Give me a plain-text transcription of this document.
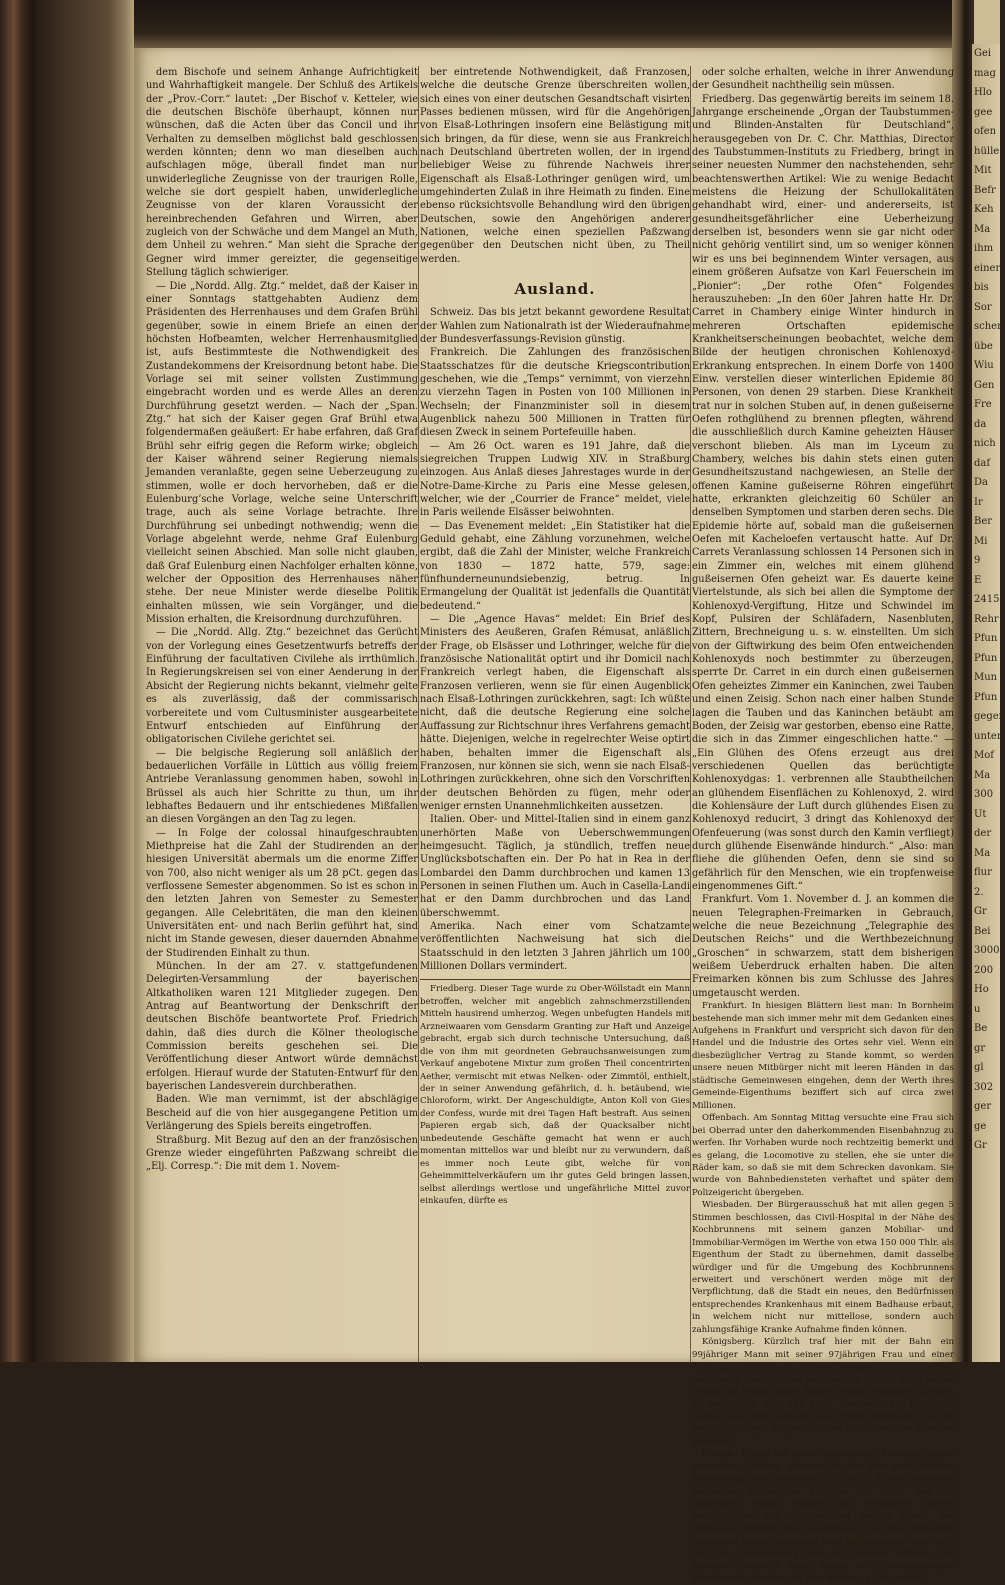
Gei
mag
Hlo
gee
ofen
hülle
Mit
Befr
Keh
Ma
ihm
einer
bis
Sor
schen
übe
Wiu
Gen
Fre
da
nich
daf
Da
Ir
Ber
Mi
9
E
2415
Rehr
Pfun
Pfun
Mun
Pfun
gegen
unter
Mof
Ma
300
Ut
der
Ma
flur
2.
Gr
Bei
3000
200
Ho
u
Be
gr
gl
302
ger
ge
Gr

dem Bischofe und seinem Anhange Aufrichtigkeit und Wahrhaftigkeit mangele. Der Schluß des Artikels der „Prov.-Corr.“ lautet: „Der Bischof v. Ketteler, wie die deutschen Bischöfe überhaupt, können nur wünschen, daß die Acten über das Concil und ihr Verhalten zu demselben möglichst bald geschlossen werden könnten; denn wo man dieselben auch aufschlagen möge, überall findet man nur unwiderlegliche Zeugnisse von der traurigen Rolle, welche sie dort gespielt haben, unwiderlegliche Zeugnisse von der klaren Voraussicht der hereinbrechenden Gefahren und Wirren, aber zugleich von der Schwäche und dem Mangel an Muth, dem Unheil zu wehren.“ Man sieht die Sprache der Gegner wird immer gereizter, die gegenseitige Stellung täglich schwieriger.

— Die „Nordd. Allg. Ztg.“ meldet, daß der Kaiser in einer Sonntags stattgehabten Audienz dem Präsidenten des Herrenhauses und dem Grafen Brühl gegenüber, sowie in einem Briefe an einen der höchsten Hofbeamten, welcher Herrenhausmitglied ist, aufs Bestimmteste die Nothwendigkeit des Zustandekommens der Kreisordnung betont habe. Die Vorlage sei mit seiner vollsten Zustimmung eingebracht worden und es werde Alles an deren Durchführung gesetzt werden. — Nach der „Span. Ztg.“ hat sich der Kaiser gegen Graf Brühl etwa folgendermaßen geäußert: Er habe erfahren, daß Graf Brühl sehr eifrig gegen die Reform wirke; obgleich der Kaiser während seiner Regierung niemals Jemanden veranlaßte, gegen seine Ueberzeugung zu stimmen, wolle er doch hervorheben, daß er die Eulenburg’sche Vorlage, welche seine Unterschrift trage, auch als seine Vorlage betrachte. Ihre Durchführung sei unbedingt nothwendig; wenn die Vorlage abgelehnt werde, nehme Graf Eulenburg vielleicht seinen Abschied. Man solle nicht glauben, daß Graf Eulenburg einen Nachfolger erhalten könne, welcher der Opposition des Herrenhauses näher stehe. Der neue Minister werde dieselbe Politik einhalten müssen, wie sein Vorgänger, und die Mission erhalten, die Kreisordnung durchzuführen.

— Die „Nordd. Allg. Ztg.“ bezeichnet das Gerücht von der Vorlegung eines Gesetzentwurfs betreffs der Einführung der facultativen Civilehe als irrthümlich. In Regierungskreisen sei von einer Aenderung in der Absicht der Regierung nichts bekannt, vielmehr gelte es als zuverlässig, daß der commissarisch vorbereitete und vom Cultusminister ausgearbeitete Entwurf entschieden auf Einführung der obligatorischen Civilehe gerichtet sei.

— Die belgische Regierung soll anläßlich der bedauerlichen Vorfälle in Lüttich aus völlig freiem Antriebe Veranlassung genommen haben, sowohl in Brüssel als auch hier Schritte zu thun, um ihr lebhaftes Bedauern und ihr entschiedenes Mißfallen an diesen Vorgängen an den Tag zu legen.

— In Folge der colossal hinaufgeschraubten Miethpreise hat die Zahl der Studirenden an der hiesigen Universität abermals um die enorme Ziffer von 700, also nicht weniger als um 28 pCt. gegen das verflossene Semester abgenommen. So ist es schon in den letzten Jahren von Semester zu Semester gegangen. Alle Celebritäten, die man den kleinen Universitäten ent- und nach Berlin geführt hat, sind nicht im Stande gewesen, dieser dauernden Abnahme der Studirenden Einhalt zu thun.

München. In der am 27. v. stattgefundenen Delegirten-Versammlung der bayerischen Altkatholiken waren 121 Mitglieder zugegen. Den Antrag auf Beantwortung der Denkschrift der deutschen Bischöfe beantwortete Prof. Friedrich dahin, daß dies durch die Kölner theologische Commission bereits geschehen sei. Die Veröffentlichung dieser Antwort würde demnächst erfolgen. Hierauf wurde der Statuten-Entwurf für den bayerischen Landesverein durchberathen.

Baden. Wie man vernimmt, ist der abschlägige Bescheid auf die von hier ausgegangene Petition um Verlängerung des Spiels bereits eingetroffen.

Straßburg. Mit Bezug auf den an der französischen Grenze wieder eingeführten Paßzwang schreibt die „Elj. Corresp.“: Die mit dem 1. Novem-

ber eintretende Nothwendigkeit, daß Franzosen, welche die deutsche Grenze überschreiten wollen, sich eines von einer deutschen Gesandtschaft visirten Passes bedienen müssen, wird für die Angehörigen von Elsaß-Lothringen insofern eine Belästigung mit sich bringen, da für diese, wenn sie aus Frankreich nach Deutschland übertreten wollen, der in irgend beliebiger Weise zu führende Nachweis ihrer Eigenschaft als Elsaß-Lothringer genügen wird, um umgehinderten Zulaß in ihre Heimath zu finden. Eine ebenso rücksichtsvolle Behandlung wird den übrigen Deutschen, sowie den Angehörigen anderer Nationen, welche einen speziellen Paßzwang gegenüber den Deutschen nicht üben, zu Theil werden.

Ausland.

Schweiz. Das bis jetzt bekannt gewordene Resultat der Wahlen zum Nationalrath ist der Wiederaufnahme der Bundesverfassungs-Revision günstig.

Frankreich. Die Zahlungen des französischen Staatsschatzes für die deutsche Kriegscontribution geschehen, wie die „Temps“ vernimmt, von vierzehn zu vierzehn Tagen in Posten von 100 Millionen in Wechseln; der Finanzminister soll in diesem Augenblick nahezu 500 Millionen in Tratten für diesen Zweck in seinem Portefeuille haben.

— Am 26 Oct. waren es 191 Jahre, daß die siegreichen Truppen Ludwig XIV. in Straßburg einzogen. Aus Anlaß dieses Jahrestages wurde in der Notre-Dame-Kirche zu Paris eine Messe gelesen, welcher, wie der „Courrier de France“ meldet, viele in Paris weilende Elsässer beiwohnten.

— Das Evenement meldet: „Ein Statistiker hat die Geduld gehabt, eine Zählung vorzunehmen, welche ergibt, daß die Zahl der Minister, welche Frankreich von 1830 — 1872 hatte, 579, sage: fünfhunderneunundsiebenzig, betrug. In Ermangelung der Qualität ist jedenfalls die Quantität bedeutend.“

— Die „Agence Havas“ meldet: Ein Brief des Ministers des Aeußeren, Grafen Rémusat, anläßlich der Frage, ob Elsässer und Lothringer, welche für die französische Nationalität optirt und ihr Domicil nach Frankreich verlegt haben, die Eigenschaft als Franzosen verlieren, wenn sie für einen Augenblick nach Elsaß-Lothringen zurückkehren, sagt: Ich wüßte nicht, daß die deutsche Regierung eine solche Auffassung zur Richtschnur ihres Verfahrens gemacht hätte. Diejenigen, welche in regelrechter Weise optirt haben, behalten immer die Eigenschaft als Franzosen, nur können sie sich, wenn sie nach Elsaß-Lothringen zurückkehren, ohne sich den Vorschriften der deutschen Behörden zu fügen, mehr oder weniger ernsten Unannehmlichkeiten aussetzen.

Italien. Ober- und Mittel-Italien sind in einem ganz unerhörten Maße von Ueberschwemmungen heimgesucht. Täglich, ja stündlich, treffen neue Unglücksbotschaften ein. Der Po hat in Rea in der Lombardei den Damm durchbrochen und kamen 13 Personen in seinen Fluthen um. Auch in Casella-Landi hat er den Damm durchbrochen und das Land überschwemmt.

Amerika. Nach einer vom Schatzamte veröffentlichten Nachweisung hat sich die Staatsschuld in den letzten 3 Jahren jährlich um 100 Millionen Dollars vermindert.

Friedberg. Dieser Tage wurde zu Ober-Wöllstadt ein Mann betroffen, welcher mit angeblich zahnschmerzstillenden Mitteln hausirend umherzog. Wegen unbefugten Handels mit Arzneiwaaren vom Gensdarm Granting zur Haft und Anzeige gebracht, ergab sich durch technische Untersuchung, daß die von ihm mit geordneten Gebrauchsanweisungen zum Verkauf angebotene Mixtur zum großen Theil concentrirten Aether, vermischt mit etwas Nelken- oder Zimmtöl, enthielt, der in seiner Anwendung gefährlich, d. h. betäubend, wie Chloroform, wirkt. Der Angeschuldigte, Anton Koll von Gies der Confess, wurde mit drei Tagen Haft bestraft. Aus seinen Papieren ergab sich, daß der Quacksalber nicht unbedeutende Geschäfte gemacht hat wenn er auch momentan mittellos war und bleibt nur zu verwundern, daß es immer noch Leute gibt, welche für von Geheimmittelverkäufern um ihr gutes Geld bringen lassen, selbst allerdings wertlose und ungefährliche Mittel zuvor einkaufen, dürfte es

oder solche erhalten, welche in ihrer Anwendung der Gesundheit nachtheilig sein müssen.

Friedberg. Das gegenwärtig bereits im seinem 18. Jahrgange erscheinende „Organ der Taubstummen- und Blinden-Anstalten für Deutschland“, herausgegeben von Dr. C. Chr. Matthias, Director des Taubstummen-Instituts zu Friedberg, bringt in seiner neuesten Nummer den nachstehenden, sehr beachtenswerthen Artikel: Wie zu wenige Bedacht meistens die Heizung der Schullokalitäten gehandhabt wird, einer- und andererseits, ist gesundheitsgefährlicher eine Ueberheizung derselben ist, besonders wenn sie gar nicht oder nicht gehörig ventilirt sind, um so weniger können wir es uns bei beginnendem Winter versagen, aus einem größeren Aufsatze von Karl Feuerschein im „Pionier“: „Der rothe Ofen“ Folgendes herauszuheben: „In den 60er Jahren hatte Hr. Dr. Carret in Chambery einige Winter hindurch in mehreren Ortschaften epidemische Krankheitserscheinungen beobachtet, welche dem Bilde der heutigen chronischen Kohlenoxyd-Erkrankung entsprechen. In einem Dorfe von 1400 Einw. verstellen dieser winterlichen Epidemie 80 Personen, von denen 29 starben. Diese Krankheit trat nur in solchen Stuben auf, in denen gußeiserne Oefen rothglühend zu brennen pflegten, während die ausschließlich durch Kamine geheizten Häuser verschont blieben. Als man im Lyceum zu Chambery, welches bis dahin stets einen guten Gesundheitszustand nachgewiesen, an Stelle der offenen Kamine gußeiserne Röhren eingeführt hatte, erkrankten gleichzeitig 60 Schüler an denselben Symptomen und starben deren sechs. Die Epidemie hörte auf, sobald man die gußeisernen Oefen mit Kacheloefen vertauscht hatte. Auf Dr. Carrets Veranlassung schlossen 14 Personen sich in ein Zimmer ein, welches mit einem glühend gußeisernen Ofen geheizt war. Es dauerte keine Viertelstunde, als sich bei allen die Symptome der Kohlenoxyd-Vergiftung, Hitze und Schwindel im Kopf, Pulsiren der Schläfadern, Nasenbluten, Zittern, Brechneigung u. s. w. einstellten. Um sich von der Giftwirkung des beim Ofen entweichenden Kohlenoxyds noch bestimmter zu überzeugen, sperrte Dr. Carret in ein durch einen gußeisernen Ofen geheiztes Zimmer ein Kaninchen, zwei Tauben und einen Zeisig. Schon nach einer halben Stunde lagen die Tauben und das Kaninchen betäubt am Boden, der Zeisig war gestorben, ebenso eine Ratte, die sich in das Zimmer eingeschlichen hatte.“ — „Ein Glühen des Ofens erzeugt aus drei verschiedenen Quellen das berüchtigte Kohlenoxydgas: 1. verbrennen alle Staubtheilchen an glühendem Eisenflächen zu Kohlenoxyd, 2. wird die Kohlensäure der Luft durch glühendes Eisen zu Kohlenoxyd reducirt, 3 dringt das Kohlenoxyd der Ofenfeuerung (was sonst durch den Kamin verfliegt) durch glühende Eisenwände hindurch.“ „Also: man fliehe die glühenden Oefen, denn sie sind so gefährlich für den Menschen, wie ein tropfenweise eingenommenes Gift.“

Frankfurt. Vom 1. November d. J. an kommen die neuen Telegraphen-Freimarken in Gebrauch, welche die neue Bezeichnung „Telegraphie des Deutschen Reichs“ und die Werthbezeichnung „Groschen“ in schwarzem, statt dem bisherigen weißem Ueberdruck erhalten haben. Die alten Freimarken können bis zum Schlusse des Jahres umgetauscht werden.

Frankfurt. In hiesigen Blättern liest man: In Bornheim bestehende man sich immer mehr mit dem Gedanken eines Aufgehens in Frankfurt und verspricht sich davon für den Handel und die Industrie des Ortes sehr viel. Wenn ein diesbezüglicher Vertrag zu Stande kommt, so werden unsere neuen Mitbürger nicht mit leeren Händen in das städtische Gemeinwesen eingehen, denn der Werth ihres Gemeinde-Eigenthums beziffert sich auf circa zwei Millionen.

Offenbach. Am Sonntag Mittag versuchte eine Frau sich bei Oberrad unter den daherkommenden Eisenbahnzug zu werfen. Ihr Vorhaben wurde noch rechtzeitig bemerkt und es gelang, die Locomotive zu stellen, ehe sie unter die Räder kam, so daß sie mit dem Schrecken davonkam. Sie wurde von Bahnbediensteten verhaftet und später dem Polizeigericht übergeben.

Wiesbaden. Der Bürgerausschuß hat mit allen gegen 5 Stimmen beschlossen, das Civil-Hospital in der Nähe des Kochbrunnens mit seinem ganzen Mobiliar- und Immobiliar-Vermögen im Werthe von etwa 150 000 Thlr. als Eigenthum der Stadt zu übernehmen, damit dasselbe würdiger und für die Umgebung des Kochbrunnens erweitert und verschönert werden möge mit der Verpflichtung, daß die Stadt ein neues, den Bedürfnissen entsprechendes Krankenhaus mit einem Badhause erbaut, in welchem nicht nur mittellose, sondern auch zahlungsfähige Kranke Aufnahme finden können.

Königsberg. Kürzlich traf hier mit der Bahn ein 99jähriger Mann mit seiner 97jährigen Frau und einer 71jährigen Tochter ein, der zur fürbegren Dochte in seines Geburtsort zurückziehen will, um die letzten Jahre seines Lebens im Hause seines Sohnes, eines 74jährigen Greises, zu verbringen. Der alte Herr, dem man die Rüstigkeit seines Alters nicht ansieht, war früher Wehrmann, hat die Befreiungskriege mitgemacht und ist Inhaber des Eisernen Kreuzes.

Lüttich. Ueber die schon berichteten Beschimpfungen deutscher Soldaten gelegentlich der hier stattgehabten Einweihung eines Denkmals für die im Kriege gefallenen belgischen Freiwilligen erfahren wir noch, daß die Ruhestörer einige Fahnen mit deutschen Farben herabgerissen und die Ordnung gestört haben. Der belgische Minister des Auswärtigen hat den deutschen Gesandten seines Bedauerns über die Vorgänge versichert, und die Untersuchung wird mit Strenge geführt. Der deutsche Gesandte hatte wegen der Polizeimaßregeln Beschwerde erhoben, die ihre Wirkung nicht verfehlt.
